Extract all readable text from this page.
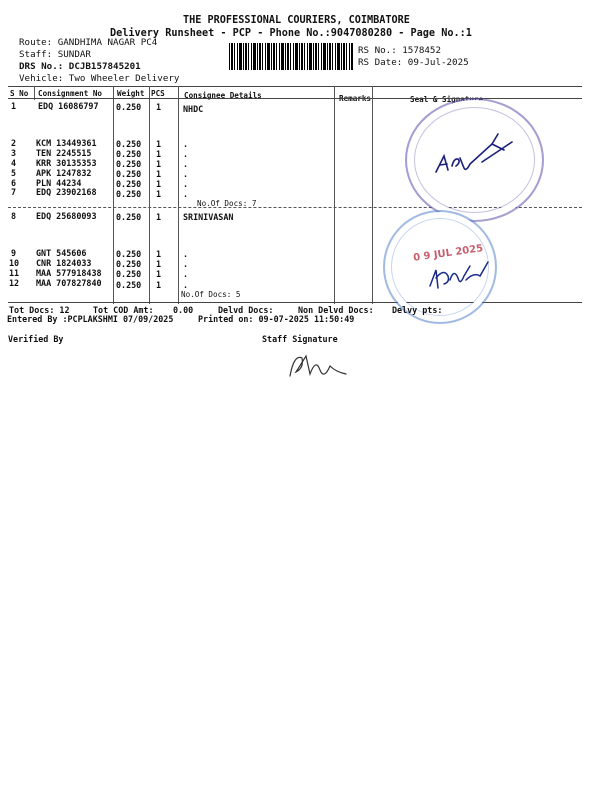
THE PROFESSIONAL COURIERS, COIMBATORE
Delivery Runsheet - PCP - Phone No.:9047080280 - Page No.:1
Route: GANDHIMA NAGAR PC4
Staff: SUNDAR
DRS No.: DCJB157845201
Vehicle: Two Wheeler Delivery
RS No.: 1578452
RS Date: 09-Jul-2025
S No Consignment No Weight PCS	Consignee Details	Remarks	Seal & Signature
1	EDQ 16086797 0.250 1	NHDC
2 KCM 13449361 0.250 1	.
3 TEN 2245515	0.250 1	.
4 KRR 30135353 0.250 1	.
5 APK 1247832	0.250 1	.
6 PLN 44234	0.250 1	.
7 EDQ 23902168 0.250 1	.
No.Of Docs: 7
8 EDQ 25680093 0.250 1	SRINIVASAN
9 GNT 545606	0.250 1	.
10 CNR 1824033	0.250 1	.
11 MAA 577918438 0.250 1	.
12 MAA 707827840 0.250 1	.
No.Of Docs: 5
0 9 JUL 2025
Tot Docs: 12	Tot COD Amt: 0.00	Delvd Docs:	Non Delvd Docs: Delvy pts:
Entered By :PCPLAKSHMI 07/09/2025	Printed on: 09-07-2025 11:50:49
Verified By	Staff Signature
